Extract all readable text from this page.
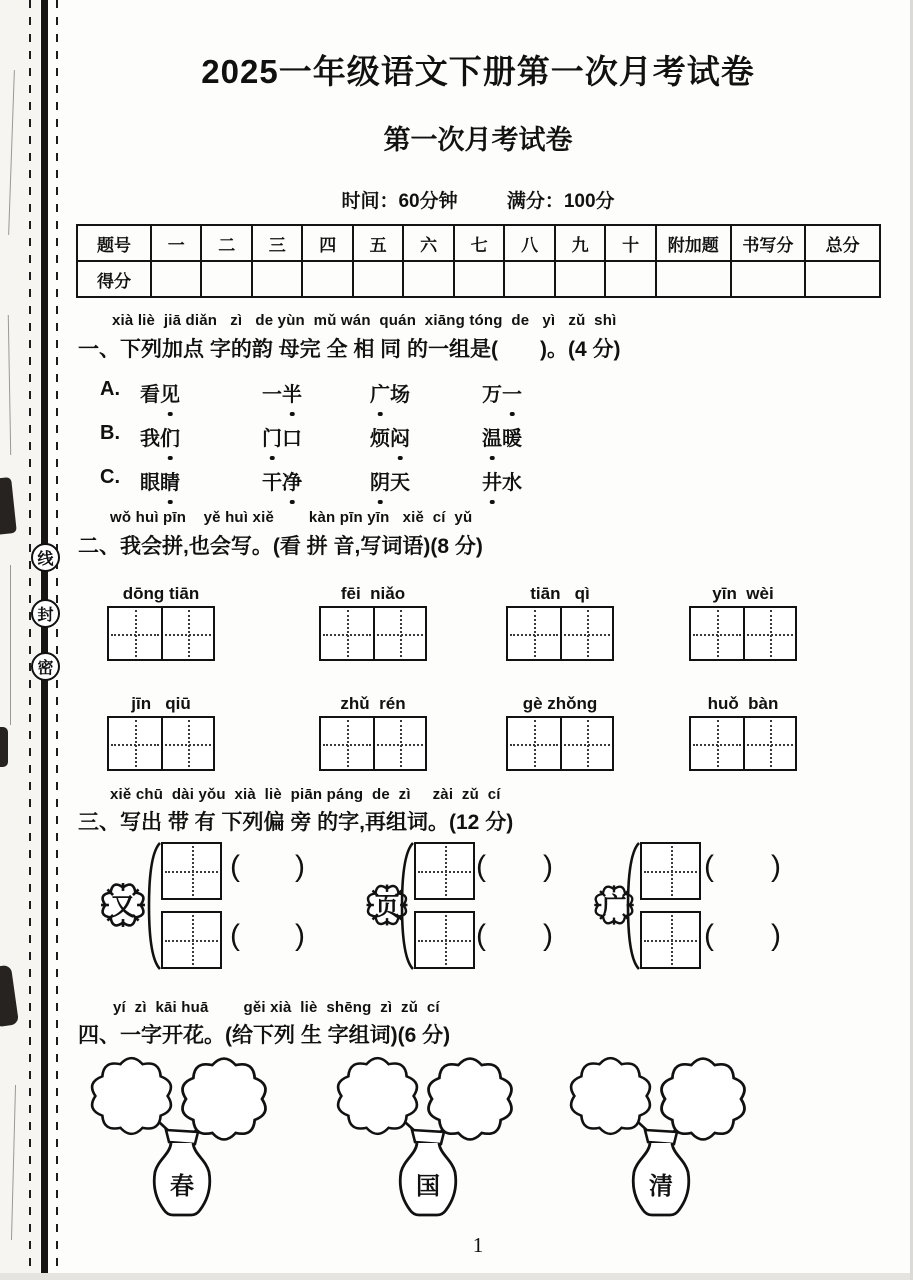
线
封
密
2025一年级语文下册第一次月考试卷
第一次月考试卷
时间：60分钟	满分：100分
题号	一	二	三	四	五	六	七	八	九	十	附加题	书写分	总分
得分
xià liè  jiā diǎn   zì   de yùn  mǔ wán  quán  xiāng tóng  de   yì   zǔ  shì
一、下列加点 字的韵 母完 全 相 同 的一组是(　　)。(4 分)
A.	看见	一半	广场	万一
B.	我们	门口	烦闷	温暖
C.	眼睛	干净	阴天	井水
wǒ huì pīn    yě huì xiě        kàn pīn yīn   xiě  cí  yǔ
二、我会拼,也会写。(看 拼 音,写词语)(8 分)
dōng tiān	fēi  niǎo	tiān   qì	yīn  wèi
jīn   qiū	zhǔ  rén	gè zhǒng	huǒ  bàn
xiě chū  dài yǒu  xià  liè  piān páng  de  zì     zài  zǔ  cí
三、写出 带 有 下列偏 旁 的字,再组词。(12 分)
又
( )
( )
页
( )
( )
广
( )
( )
yí  zì  kāi huā        gěi xià  liè  shēng  zì  zǔ  cí
四、一字开花。(给下列 生 字组词)(6 分)
春	国	清
1
